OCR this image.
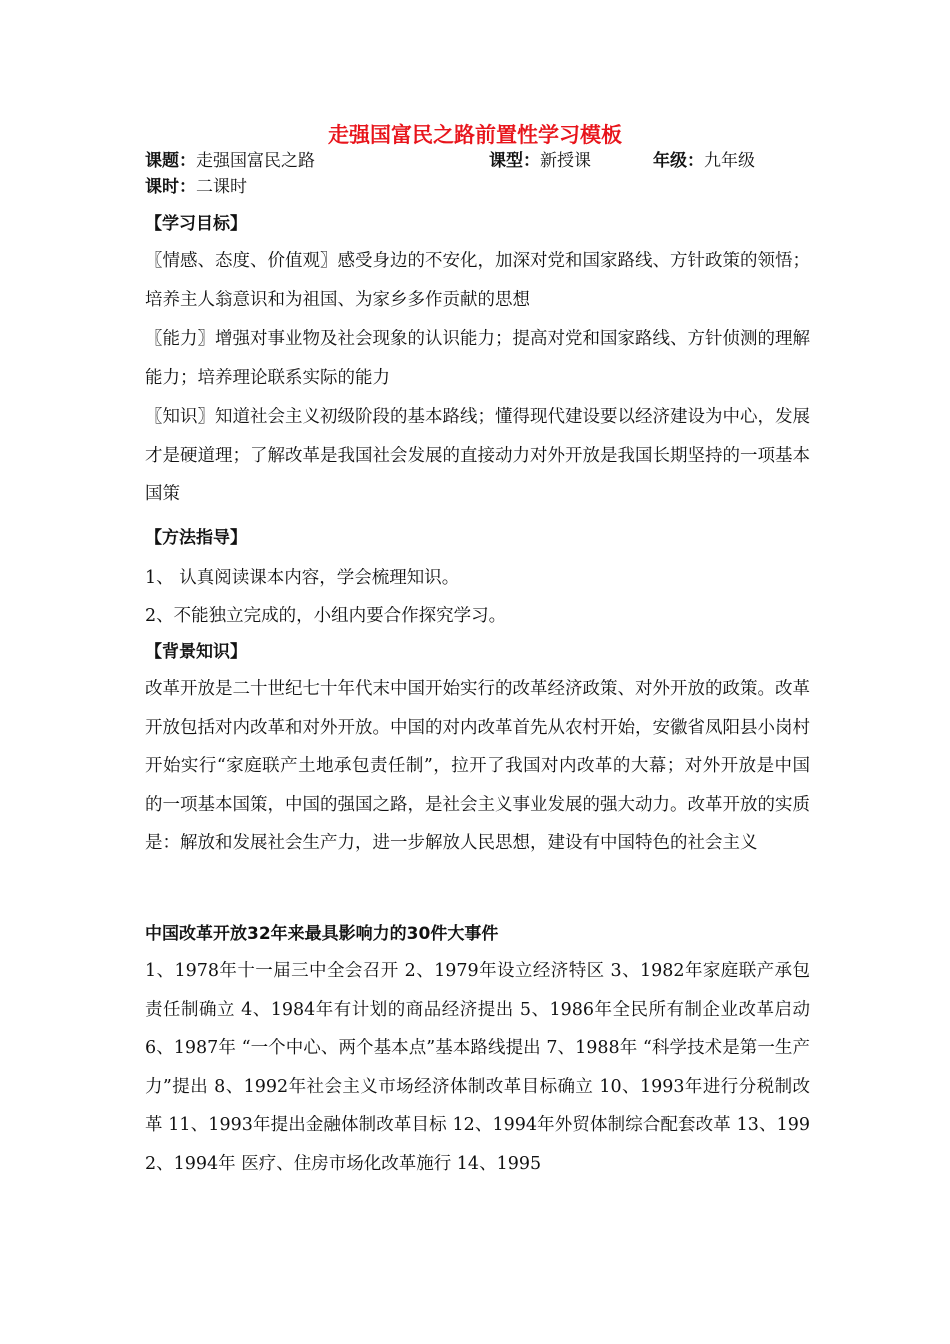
走强国富民之路前置性学习模板
课题：走强国富民之路	课型：新授课	年级：九年级
课时：二课时
【学习目标】
〖情感、态度、价值观〗感受身边的不安化，加深对党和国家路线、方针政策的领悟；培养主人翁意识和为祖国、为家乡多作贡献的思想
〖能力〗增强对事业物及社会现象的认识能力；提高对党和国家路线、方针侦测的理解能力；培养理论联系实际的能力
〖知识〗知道社会主义初级阶段的基本路线；懂得现代建设要以经济建设为中心，发展才是硬道理；了解改革是我国社会发展的直接动力对外开放是我国长期坚持的一项基本国策
【方法指导】
1、 认真阅读课本内容，学会梳理知识。
2、不能独立完成的，小组内要合作探究学习。
【背景知识】
改革开放是二十世纪七十年代末中国开始实行的改革经济政策、对外开放的政策。改革开放包括对内改革和对外开放。中国的对内改革首先从农村开始，安徽省凤阳县小岗村开始实行“家庭联产土地承包责任制”，拉开了我国对内改革的大幕；对外开放是中国的一项基本国策，中国的强国之路，是社会主义事业发展的强大动力。改革开放的实质是：解放和发展社会生产力，进一步解放人民思想，建设有中国特色的社会主义
中国改革开放32年来最具影响力的30件大事件
1、1978年十一届三中全会召开 2、1979年设立经济特区 3、1982年家庭联产承包责任制确立 4、1984年有计划的商品经济提出 5、1986年全民所有制企业改革启动 6、1987年 “一个中心、两个基本点”基本路线提出 7、1988年 “科学技术是第一生产力”提出 8、1992年社会主义市场经济体制改革目标确立 10、1993年进行分税制改革 11、1993年提出金融体制改革目标 12、1994年外贸体制综合配套改革 13、1992、1994年 医疗、住房市场化改革施行 14、1995
